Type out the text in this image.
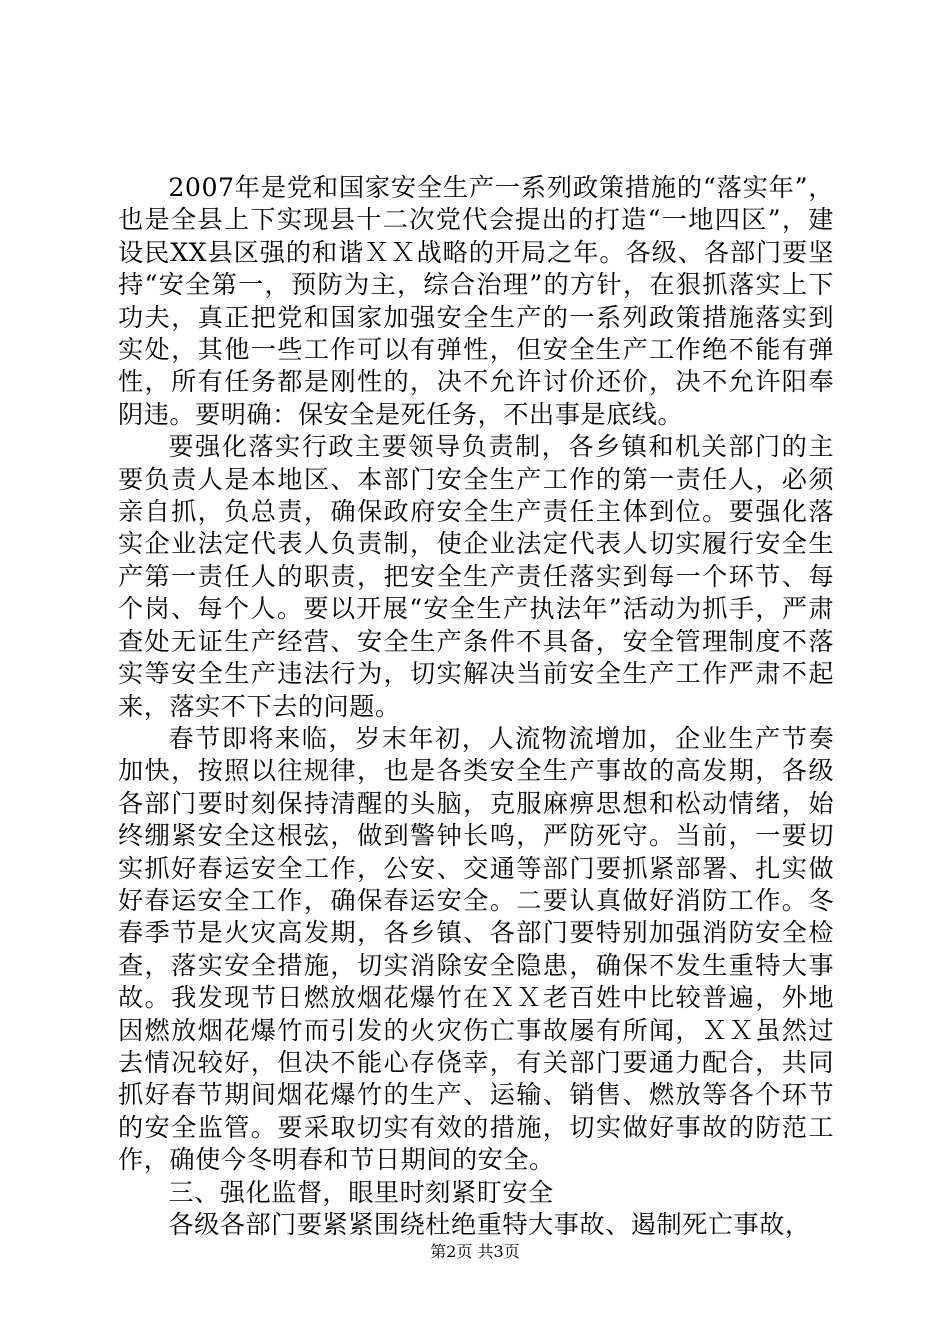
2007年是党和国家安全生产一系列政策措施的“落实年”，也是全县上下实现县十二次党代会提出的打造“一地四区”，建设民XX县区强的和谐ＸＸ战略的开局之年。各级、各部门要坚持“安全第一，预防为主，综合治理”的方针，在狠抓落实上下功夫，真正把党和国家加强安全生产的一系列政策措施落实到实处，其他一些工作可以有弹性，但安全生产工作绝不能有弹性，所有任务都是刚性的，决不允许讨价还价，决不允许阳奉阴违。要明确：保安全是死任务，不出事是底线。

要强化落实行政主要领导负责制，各乡镇和机关部门的主要负责人是本地区、本部门安全生产工作的第一责任人，必须亲自抓，负总责，确保政府安全生产责任主体到位。要强化落实企业法定代表人负责制，使企业法定代表人切实履行安全生产第一责任人的职责，把安全生产责任落实到每一个环节、每个岗、每个人。要以开展“安全生产执法年”活动为抓手，严肃查处无证生产经营、安全生产条件不具备，安全管理制度不落实等安全生产违法行为，切实解决当前安全生产工作严肃不起来，落实不下去的问题。

春节即将来临，岁末年初，人流物流增加，企业生产节奏加快，按照以往规律，也是各类安全生产事故的高发期，各级各部门要时刻保持清醒的头脑，克服麻痹思想和松动情绪，始终绷紧安全这根弦，做到警钟长鸣，严防死守。当前，一要切实抓好春运安全工作，公安、交通等部门要抓紧部署、扎实做好春运安全工作，确保春运安全。二要认真做好消防工作。冬春季节是火灾高发期，各乡镇、各部门要特别加强消防安全检查，落实安全措施，切实消除安全隐患，确保不发生重特大事故。我发现节日燃放烟花爆竹在ＸＸ老百姓中比较普遍，外地因燃放烟花爆竹而引发的火灾伤亡事故屡有所闻，ＸＸ虽然过去情况较好，但决不能心存侥幸，有关部门要通力配合，共同抓好春节期间烟花爆竹的生产、运输、销售、燃放等各个环节的安全监管。要采取切实有效的措施，切实做好事故的防范工作，确使今冬明春和节日期间的安全。

三、强化监督，眼里时刻紧盯安全

各级各部门要紧紧围绕杜绝重特大事故、遏制死亡事故，

第2页 共3页
